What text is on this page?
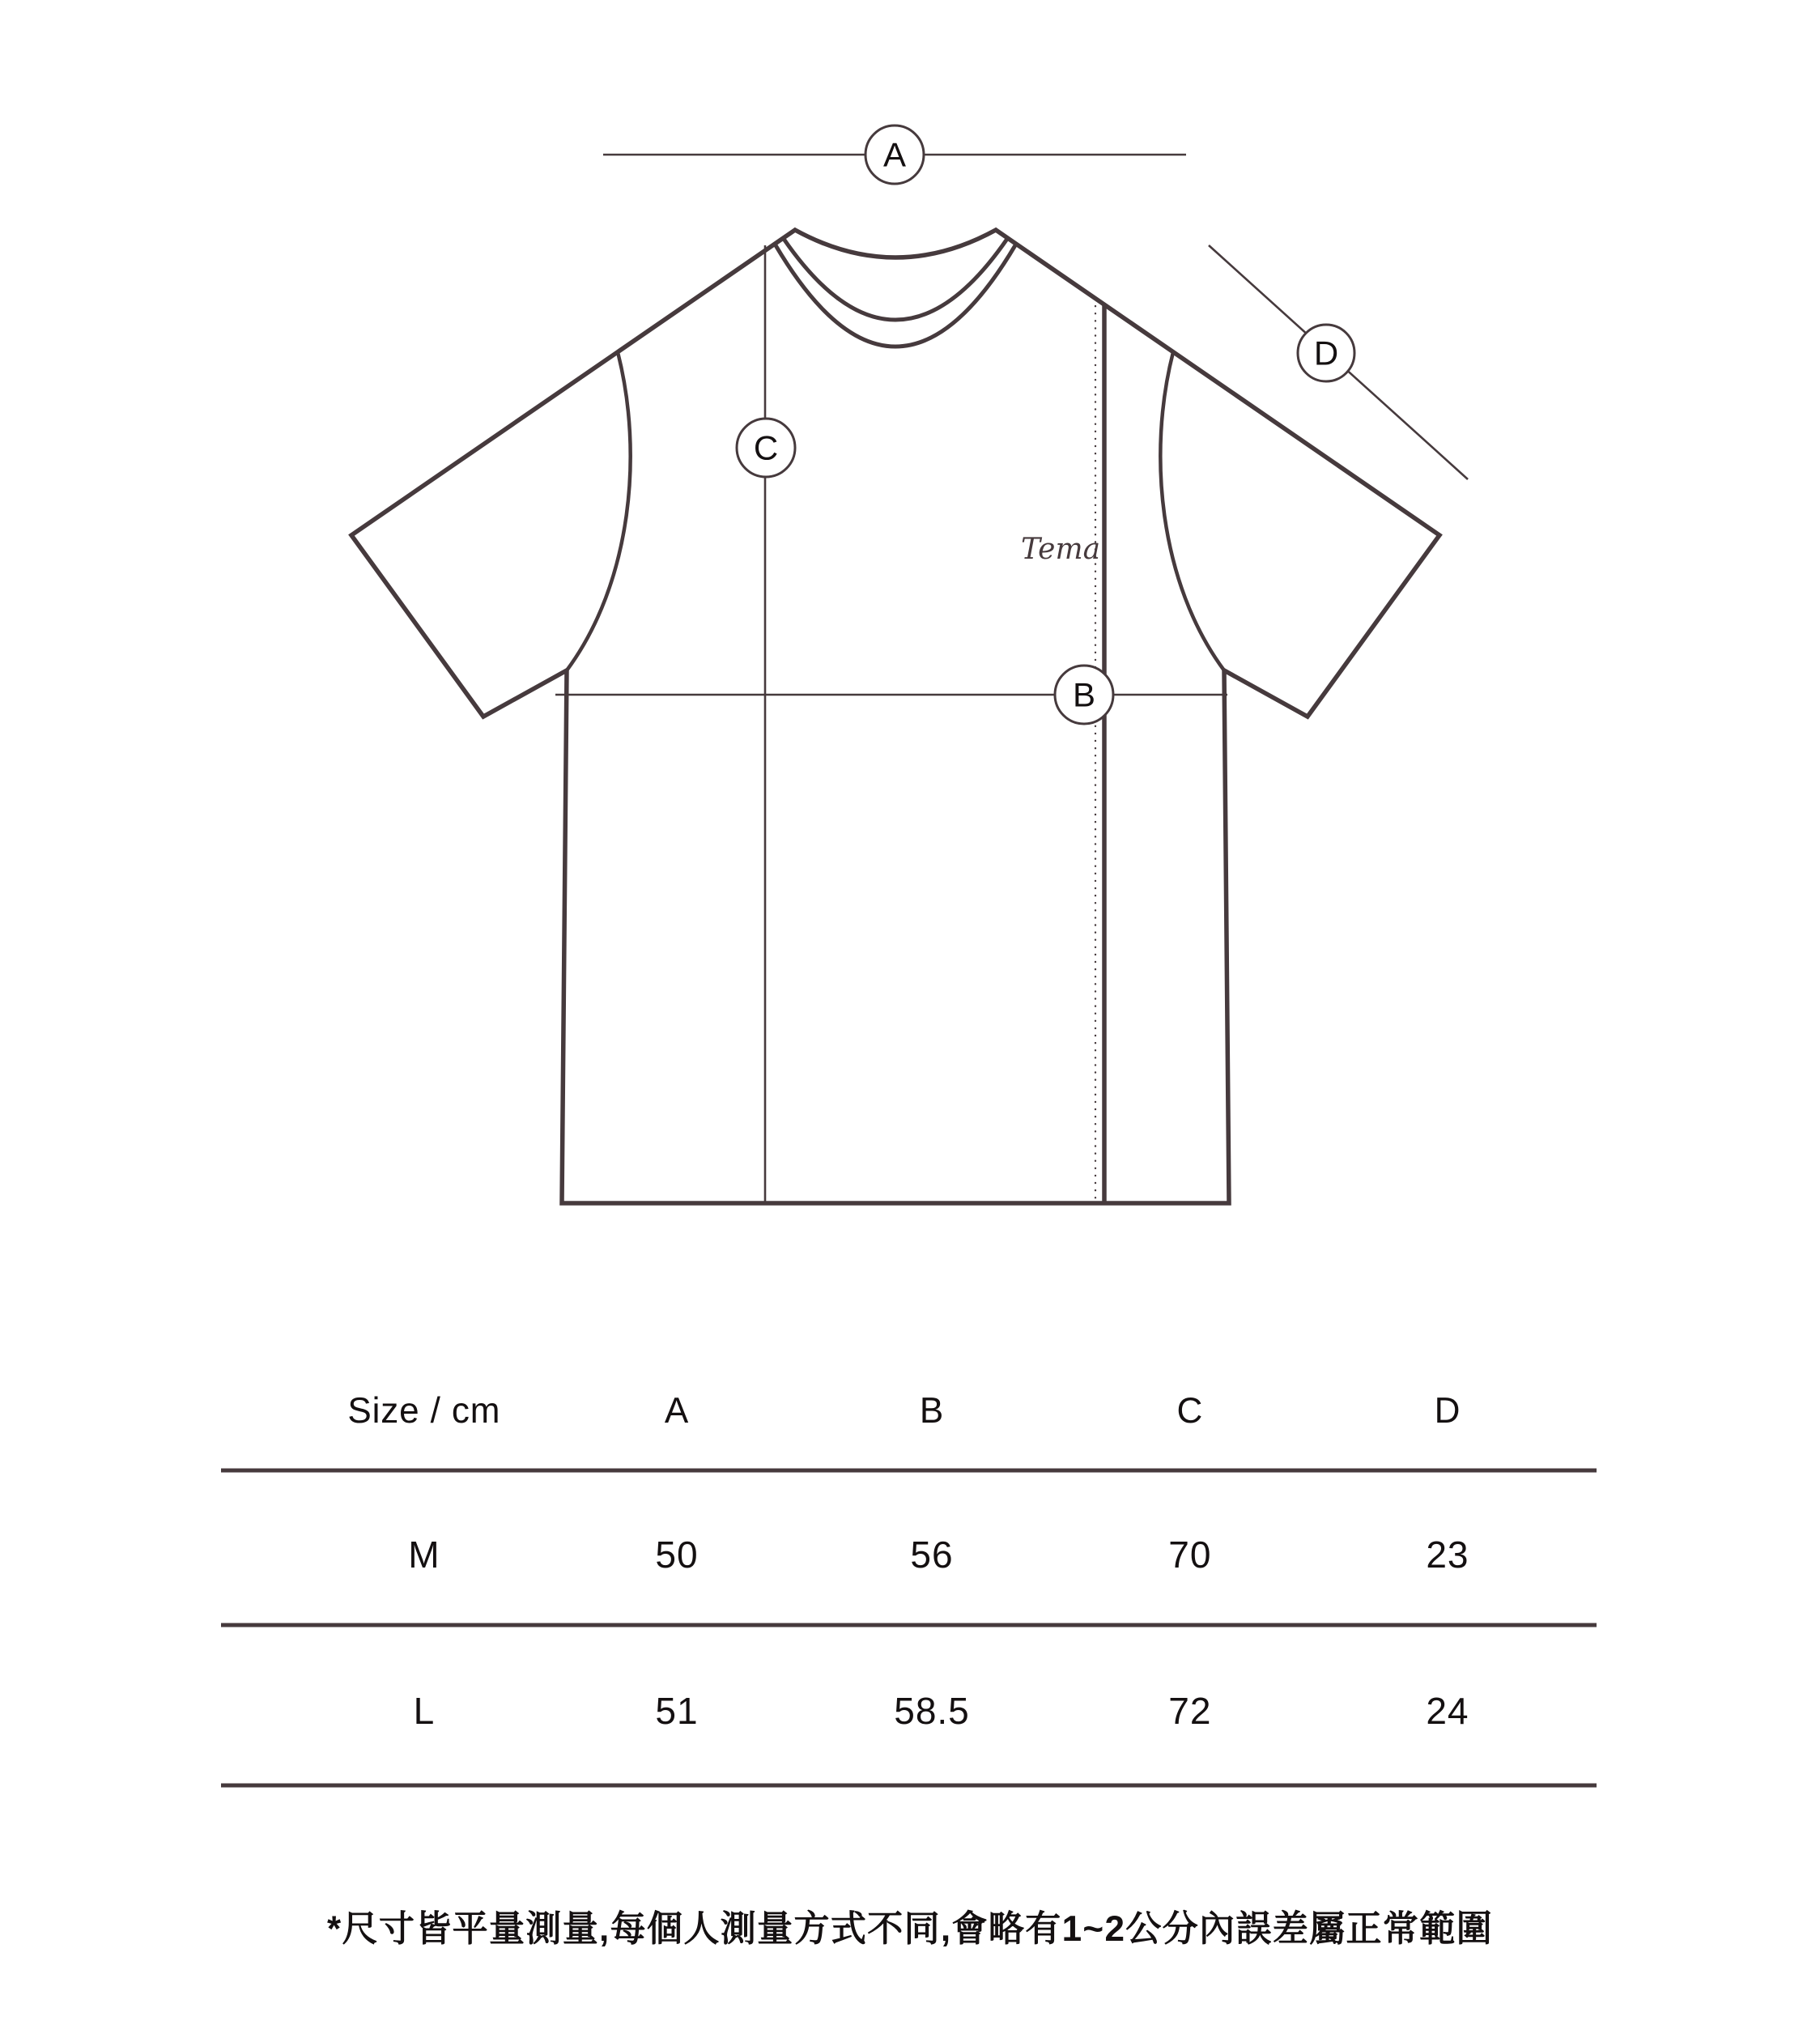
Tema
A
C
B
D
Size / cm	A	B	C	D
M	50	56	70	23
L	51	58.5	72	24
*尺寸皆平量測量,每個人測量方式不同,會略有1~2公分內誤差屬正常範圍
